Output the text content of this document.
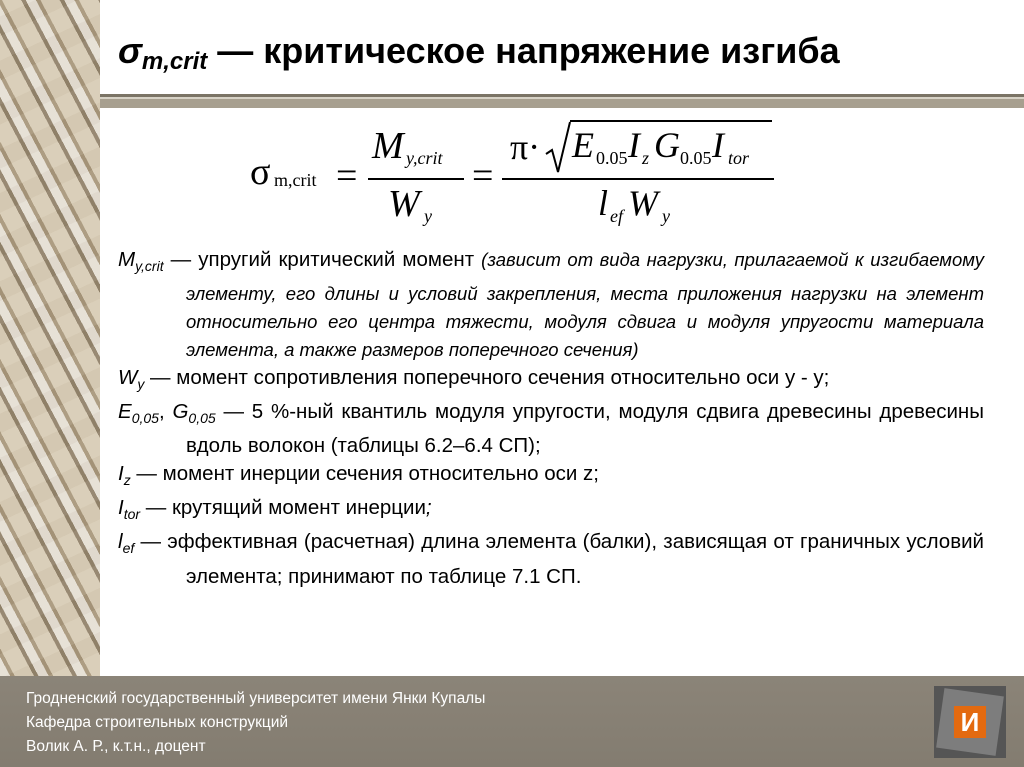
σm,crit — критическое напряжение изгиба
σ m,crit =
M y,crit
W y
=
π· E 0.05 I z G 0.05 I tor
l ef W y
$M_{y,crit}$ — упругий критический момент (зависит от вида нагрузки, прилагаемой к изгибаемому элементу, его длины и условий закрепления, места приложения нагрузки на элемент относительно его центра тяжести, модуля сдвига и модуля упругости материала элемента, а также размеров поперечного сечения)
$W_y$ — момент сопротивления поперечного сечения относительно оси y - y;
$E_{0,05}$, $G_{0,05}$ — 5 %-ный квантиль модуля упругости, модуля сдвига древесины древесины вдоль волокон (таблицы 6.2–6.4 СП);
$I_z$ — момент инерции сечения относительно оси z;
$I_{tor}$ — крутящий момент инерции;
$l_{ef}$ — эффективная (расчетная) длина элемента (балки), зависящая от граничных условий элемента; принимают по таблице 7.1 СП.
Гродненский государственный университет имени Янки Купалы
Кафедра строительных конструкций
Волик А. Р., к.т.н., доцент
И
